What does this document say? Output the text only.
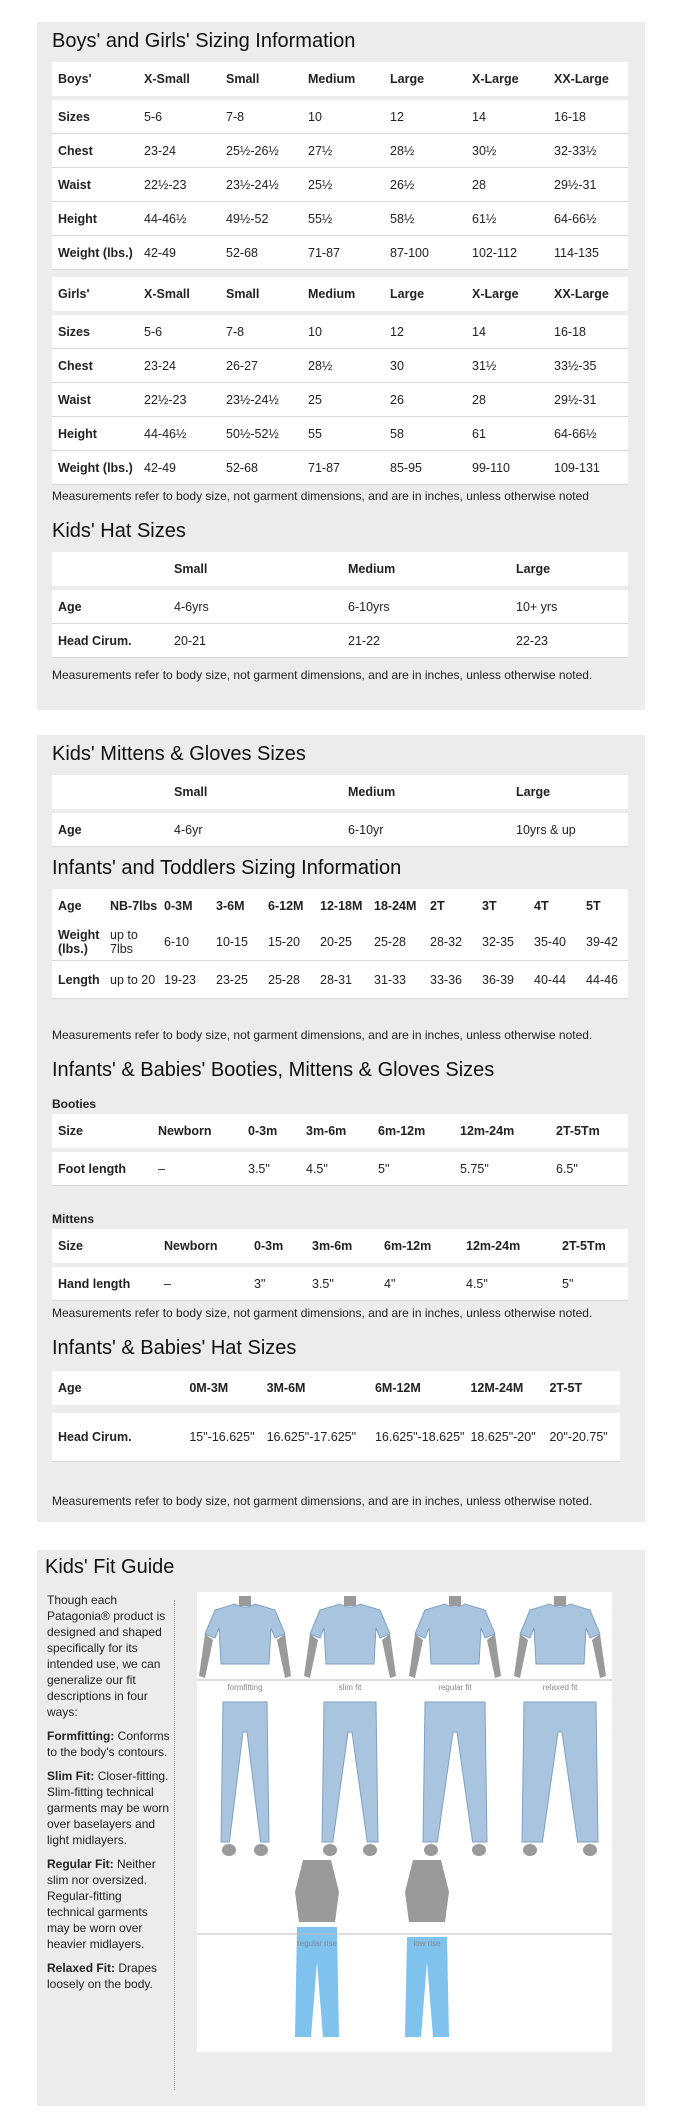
Boys' and Girls' Sizing Information
Boys'	X-Small	Small	Medium	Large	X-Large	XX-Large

Sizes	5-6	7-8	10	12	14	16-18
Chest	23-24	25½-26½	27½	28½	30½	32-33½
Waist	22½-23	23½-24½	25½	26½	28	29½-31
Height	44-46½	49½-52	55½	58½	61½	64-66½
Weight (lbs.)	42-49	52-68	71-87	87-100	102-112	114-135
Girls'	X-Small	Small	Medium	Large	X-Large	XX-Large

Sizes	5-6	7-8	10	12	14	16-18
Chest	23-24	26-27	28½	30	31½	33½-35
Waist	22½-23	23½-24½	25	26	28	29½-31
Height	44-46½	50½-52½	55	58	61	64-66½
Weight (lbs.)	42-49	52-68	71-87	85-95	99-110	109-131
Measurements refer to body size, not garment dimensions, and are in inches, unless otherwise noted
Kids' Hat Sizes
	Small	Medium	Large

Age	4-6yrs	6-10yrs	10+ yrs
Head Cirum.	20-21	21-22	22-23
Measurements refer to body size, not garment dimensions, and are in inches, unless otherwise noted.
Kids' Mittens & Gloves Sizes
	Small	Medium	Large

Age	4-6yr	6-10yr	10yrs & up
Infants' and Toddlers Sizing Information
Age	NB-7lbs	0-3M	3-6M	6-12M	12-18M	18-24M	2T	3T	4T	5T
Weight (lbs.)	up to 7lbs	6-10	10-15	15-20	20-25	25-28	28-32	32-35	35-40	39-42
Length	up to 20	19-23	23-25	25-28	28-31	31-33	33-36	36-39	40-44	44-46
Measurements refer to body size, not garment dimensions, and are in inches, unless otherwise noted.
Infants' & Babies' Booties, Mittens & Gloves Sizes
Booties
Size	Newborn	0-3m	3m-6m	6m-12m	12m-24m	2T-5Tm

Foot length	–	3.5"	4.5"	5"	5.75"	6.5"
Mittens
Size	Newborn	0-3m	3m-6m	6m-12m	12m-24m	2T-5Tm

Hand length	–	3"	3.5"	4"	4.5"	5"
Measurements refer to body size, not garment dimensions, and are in inches, unless otherwise noted.
Infants' & Babies' Hat Sizes
Age	0M-3M	3M-6M	6M-12M	12M-24M	2T-5T

Head Cirum.	15"-16.625"	16.625"-17.625"	16.625"-18.625"	18.625"-20"	20"-20.75"
Measurements refer to body size, not garment dimensions, and are in inches, unless otherwise noted.
Kids' Fit Guide

Though each Patagonia® product is designed and shaped specifically for its intended use, we can generalize our fit descriptions in four ways:

Formfitting: Conforms to the body's contours.

Slim Fit: Closer-fitting. Slim-fitting technical garments may be worn over baselayers and light midlayers.

Regular Fit: Neither slim nor oversized. Regular-fitting technical garments may be worn over heavier midlayers.

Relaxed Fit: Drapes loosely on the body.

formfitting	slim fit	regular fit	relaxed fit
regular rise	low rise
